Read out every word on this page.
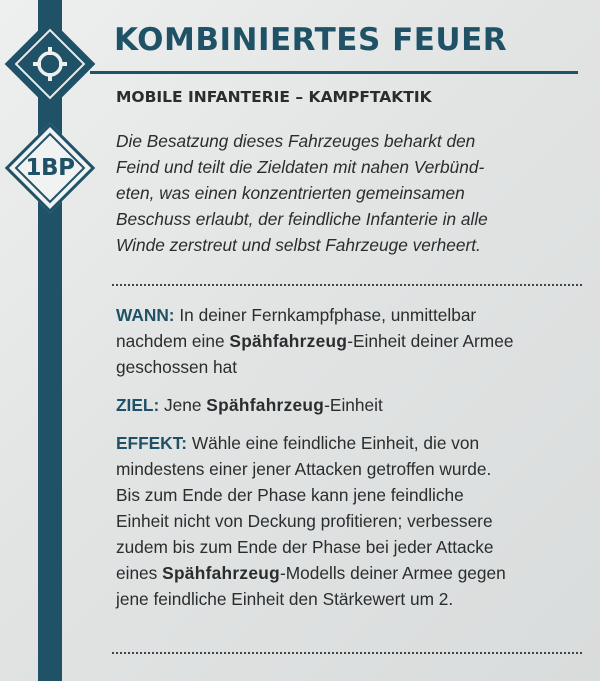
1BP
KOMBINIERTES FEUER
MOBILE INFANTERIE – KAMPFTAKTIK

Die Besatzung dieses Fahrzeuges beharkt den
Feind und teilt die Zieldaten mit nahen Verbünd-
eten, was einen konzentrierten gemeinsamen
Beschuss erlaubt, der feindliche Infanterie in alle
Winde zerstreut und selbst Fahrzeuge verheert.

WANN: In deiner Fernkampfphase, unmittelbar
nachdem eine Spähfahrzeug-Einheit deiner Armee
geschossen hat
ZIEL: Jene Spähfahrzeug-Einheit
EFFEKT: Wähle eine feindliche Einheit, die von
mindestens einer jener Attacken getroffen wurde.
Bis zum Ende der Phase kann jene feindliche
Einheit nicht von Deckung profitieren; verbessere
zudem bis zum Ende der Phase bei jeder Attacke
eines Spähfahrzeug-Modells deiner Armee gegen
jene feindliche Einheit den Stärkewert um 2.
